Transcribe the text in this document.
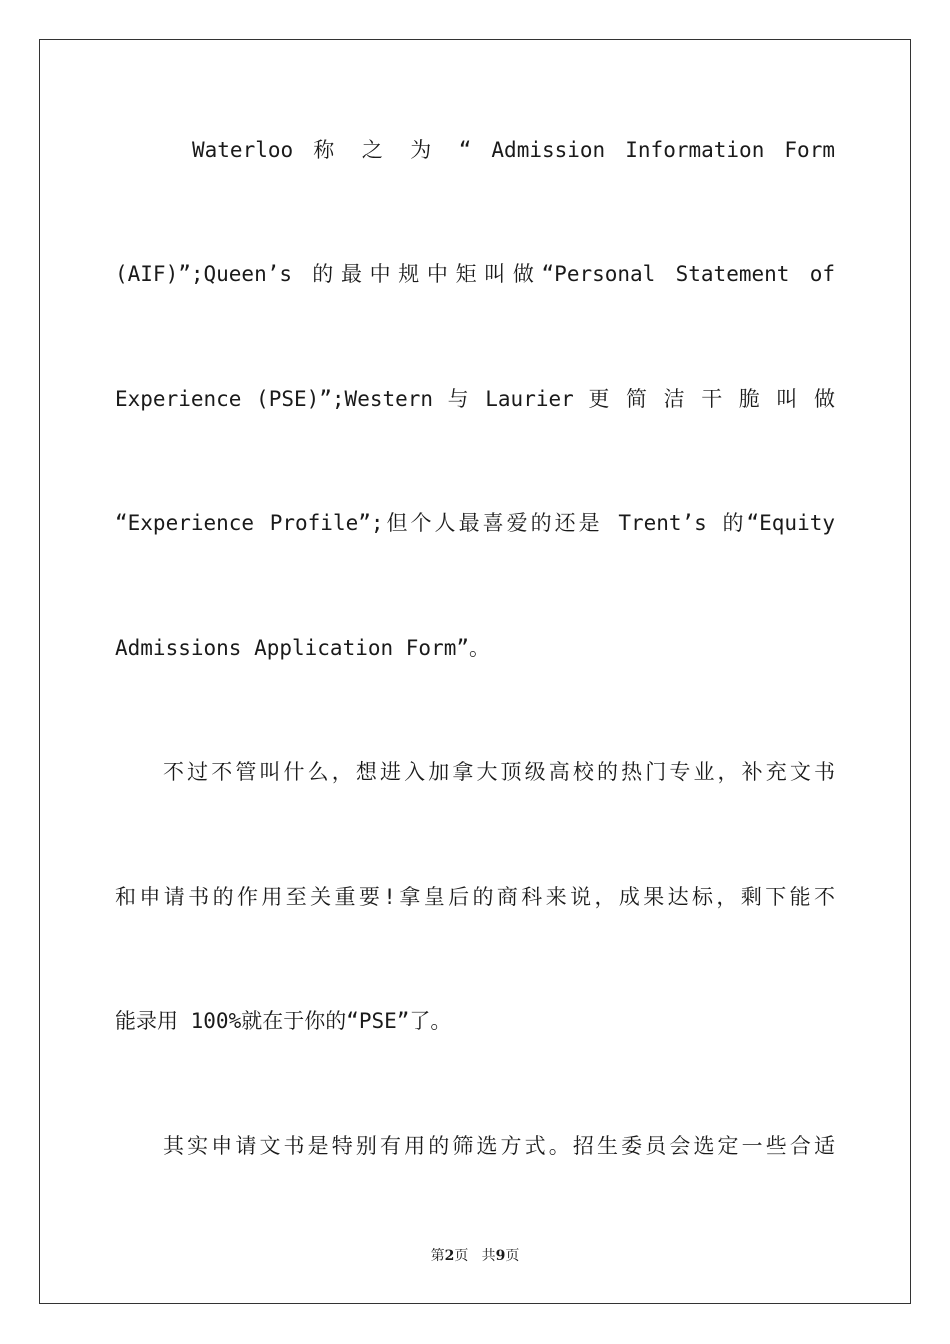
Waterloo 称 之 为 “ Admission Information Form

(AIF)”;Queen’s 的最中规中矩叫做“Personal Statement of

Experience (PSE)”;Western 与 Laurier 更 简 洁 干 脆 叫 做

“Experience Profile”;但个人最喜爱的还是 Trent’s 的“Equity

Admissions Application Form”。

不过不管叫什么，想进入加拿大顶级高校的热门专业，补充文书

和申请书的作用至关重要!拿皇后的商科来说，成果达标，剩下能不

能录用 100%就在于你的“PSE”了。

其实申请文书是特别有用的筛选方式。招生委员会选定一些合适

第2页 共9页
